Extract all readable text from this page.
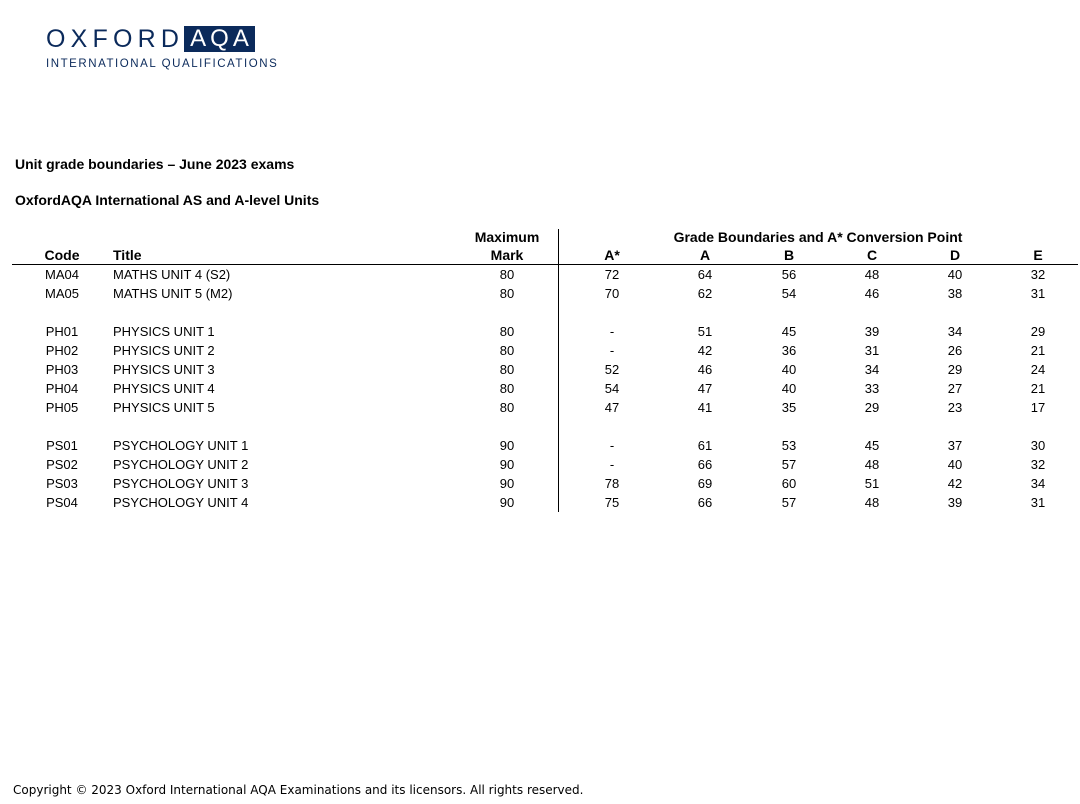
OXFORD AQA
INTERNATIONAL QUALIFICATIONS
Unit grade boundaries – June 2023 exams
OxfordAQA International AS and A-level Units
Maximum	Grade Boundaries and A* Conversion Point
Code Title	Mark	A*	A	B	C	D	E
MA04	MATHS UNIT 4 (S2)	80	72	64	56	48	40	32
MA05	MATHS UNIT 5 (M2)	80	70	62	54	46	38	31
PH01	PHYSICS UNIT 1	80	-	51	45	39	34	29
PH02	PHYSICS UNIT 2	80	-	42	36	31	26	21
PH03	PHYSICS UNIT 3	80	52	46	40	34	29	24
PH04	PHYSICS UNIT 4	80	54	47	40	33	27	21
PH05	PHYSICS UNIT 5	80	47	41	35	29	23	17
PS01	PSYCHOLOGY UNIT 1	90	-	61	53	45	37	30
PS02	PSYCHOLOGY UNIT 2	90	-	66	57	48	40	32
PS03	PSYCHOLOGY UNIT 3	90	78	69	60	51	42	34
PS04	PSYCHOLOGY UNIT 4	90	75	66	57	48	39	31
Copyright © 2023 Oxford International AQA Examinations and its licensors. All rights reserved.
